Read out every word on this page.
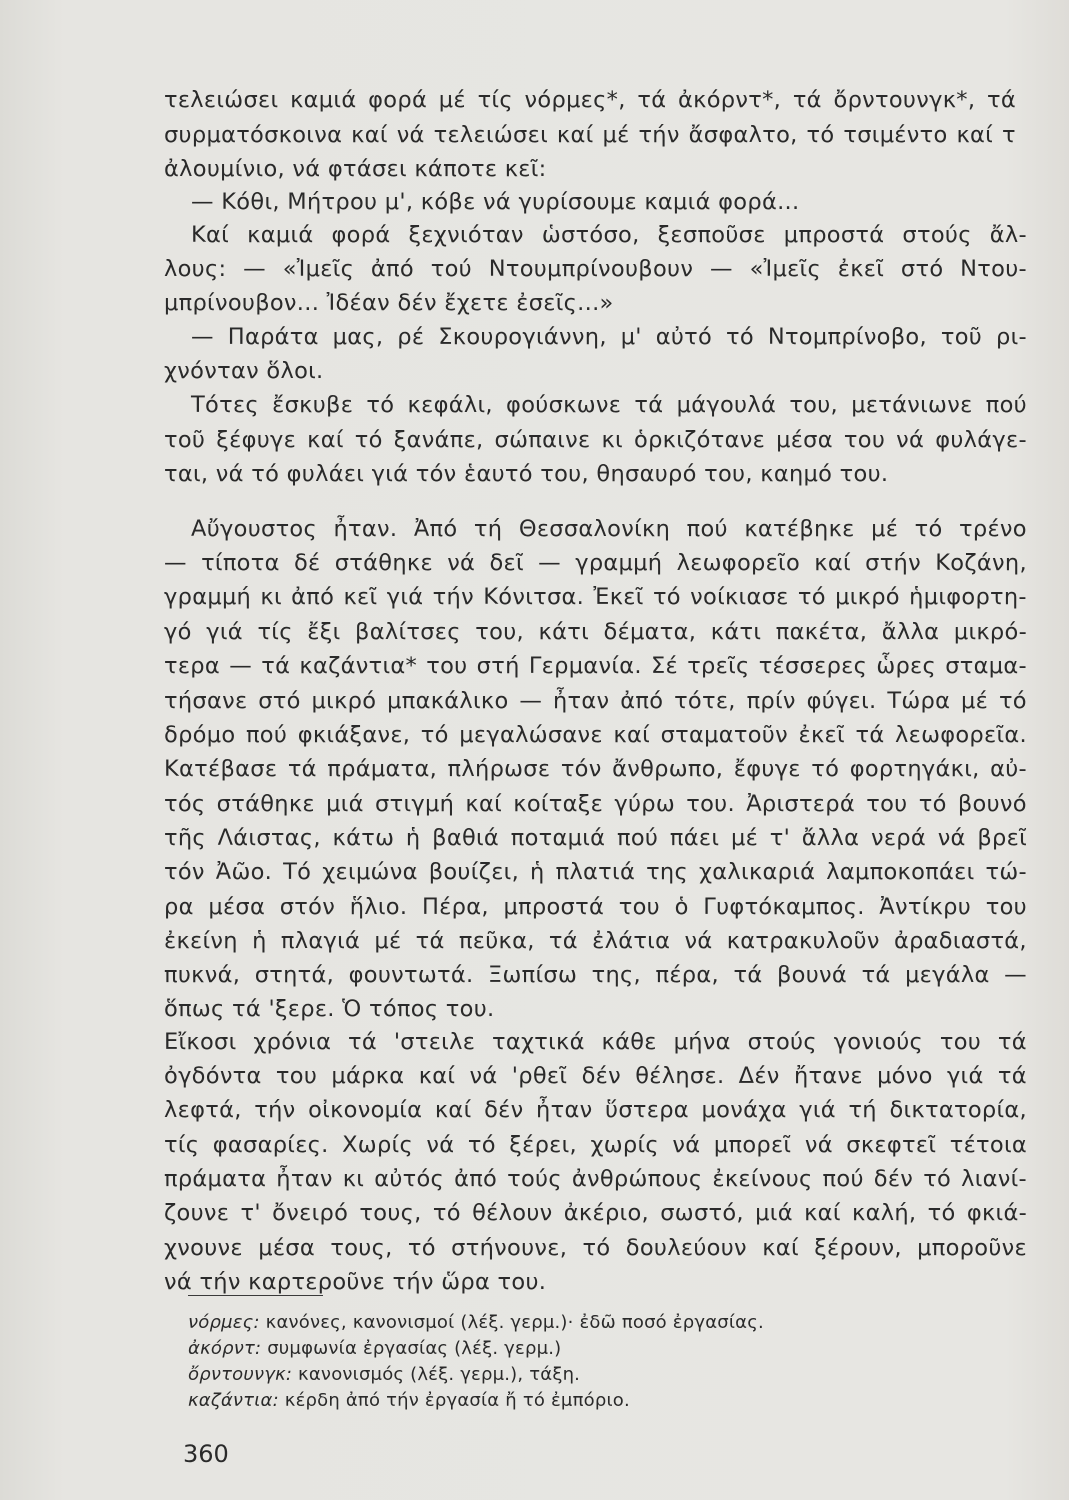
τελειώσει καμιά φορά μέ τίς νόρμες*, τά ἀκόρντ*, τά ὄρντουνγκ*, τά
συρματόσκοινα καί νά τελειώσει καί μέ τήν ἄσφαλτο, τό τσιμέντο καί τ
ἀλουμίνιο, νά φτάσει κάποτε κεῖ:
— Κόθι, Μήτρου μ', κόβε νά γυρίσουμε καμιά φορά...
Καί καμιά φορά ξεχνιόταν ὡστόσο, ξεσποῦσε μπροστά στούς ἄλ-
λους: — «Ἰμεῖς ἀπό τού Ντουμπρίνουβουν — «Ἰμεῖς ἐκεῖ στό Ντου-
μπρίνουβον... Ἰδέαν δέν ἔχετε ἐσεῖς...»
— Παράτα μας, ρέ Σκουρογιάννη, μ' αὐτό τό Ντομπρίνοβο, τοῦ ρι-
χνόνταν ὅλοι.
Τότες ἔσκυβε τό κεφάλι, φούσκωνε τά μάγουλά του, μετάνιωνε πού
τοῦ ξέφυγε καί τό ξανάπε, σώπαινε κι ὁρκιζότανε μέσα του νά φυλάγε-
ται, νά τό φυλάει γιά τόν ἑαυτό του, θησαυρό του, καημό του.
Αὔγουστος ἦταν. Ἀπό τή Θεσσαλονίκη πού κατέβηκε μέ τό τρένο
— τίποτα δέ στάθηκε νά δεῖ — γραμμή λεωφορεῖο καί στήν Κοζάνη,
γραμμή κι ἀπό κεῖ γιά τήν Κόνιτσα. Ἐκεῖ τό νοίκιασε τό μικρό ἡμιφορτη-
γό γιά τίς ἔξι βαλίτσες του, κάτι δέματα, κάτι πακέτα, ἄλλα μικρό-
τερα — τά καζάντια* του στή Γερμανία. Σέ τρεῖς τέσσερες ὧρες σταμα-
τήσανε στό μικρό μπακάλικο — ἦταν ἀπό τότε, πρίν φύγει. Τώρα μέ τό
δρόμο πού φκιάξανε, τό μεγαλώσανε καί σταματοῦν ἐκεῖ τά λεωφορεῖα.
Κατέβασε τά πράματα, πλήρωσε τόν ἄνθρωπο, ἔφυγε τό φορτηγάκι, αὐ-
τός στάθηκε μιά στιγμή καί κοίταξε γύρω του. Ἀριστερά του τό βουνό
τῆς Λάιστας, κάτω ἡ βαθιά ποταμιά πού πάει μέ τ' ἄλλα νερά νά βρεῖ
τόν Ἀῶο. Τό χειμώνα βουίζει, ἡ πλατιά της χαλικαριά λαμποκοπάει τώ-
ρα μέσα στόν ἥλιο. Πέρα, μπροστά του ὁ Γυφτόκαμπος. Ἀντίκρυ του
ἐκείνη ἡ πλαγιά μέ τά πεῦκα, τά ἐλάτια νά κατρακυλοῦν ἀραδιαστά,
πυκνά, στητά, φουντωτά. Ξωπίσω της, πέρα, τά βουνά τά μεγάλα —
ὅπως τά 'ξερε. Ὁ τόπος του.
Εἴκοσι χρόνια τά 'στειλε ταχτικά κάθε μήνα στούς γονιούς του τά
ὀγδόντα του μάρκα καί νά 'ρθεῖ δέν θέλησε. Δέν ἤτανε μόνο γιά τά
λεφτά, τήν οἰκονομία καί δέν ἦταν ὕστερα μονάχα γιά τή δικτατορία,
τίς φασαρίες. Χωρίς νά τό ξέρει, χωρίς νά μπορεῖ νά σκεφτεῖ τέτοια
πράματα ἦταν κι αὐτός ἀπό τούς ἀνθρώπους ἐκείνους πού δέν τό λιανί-
ζουνε τ' ὄνειρό τους, τό θέλουν ἀκέριο, σωστό, μιά καί καλή, τό φκιά-
χνουνε μέσα τους, τό στήνουνε, τό δουλεύουν καί ξέρουν, μποροῦνε
νά τήν καρτεροῦνε τήν ὥρα του.
νόρμες: κανόνες, κανονισμοί (λέξ. γερμ.)· ἐδῶ ποσό ἐργασίας.
ἀκόρντ: συμφωνία ἐργασίας (λέξ. γερμ.)
ὄρντουνγκ: κανονισμός (λέξ. γερμ.), τάξη.
καζάντια: κέρδη ἀπό τήν ἐργασία ἤ τό ἐμπόριο.
360
